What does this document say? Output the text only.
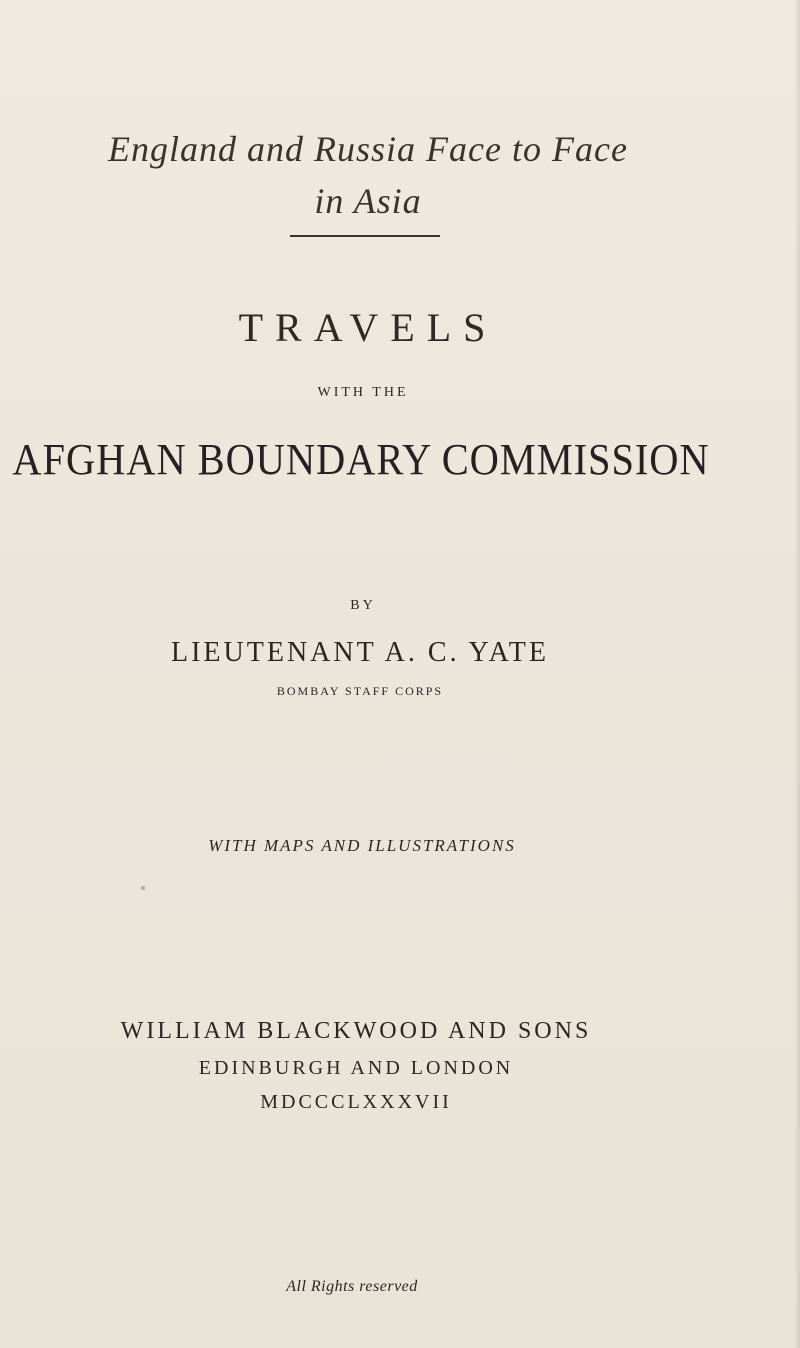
England and Russia Face to Face
in Asia
TRAVELS
WITH THE
AFGHAN BOUNDARY COMMISSION
BY
LIEUTENANT A. C. YATE
BOMBAY STAFF CORPS
WITH MAPS AND ILLUSTRATIONS
WILLIAM BLACKWOOD AND SONS
EDINBURGH AND LONDON
MDCCCLXXXVII
All Rights reserved
